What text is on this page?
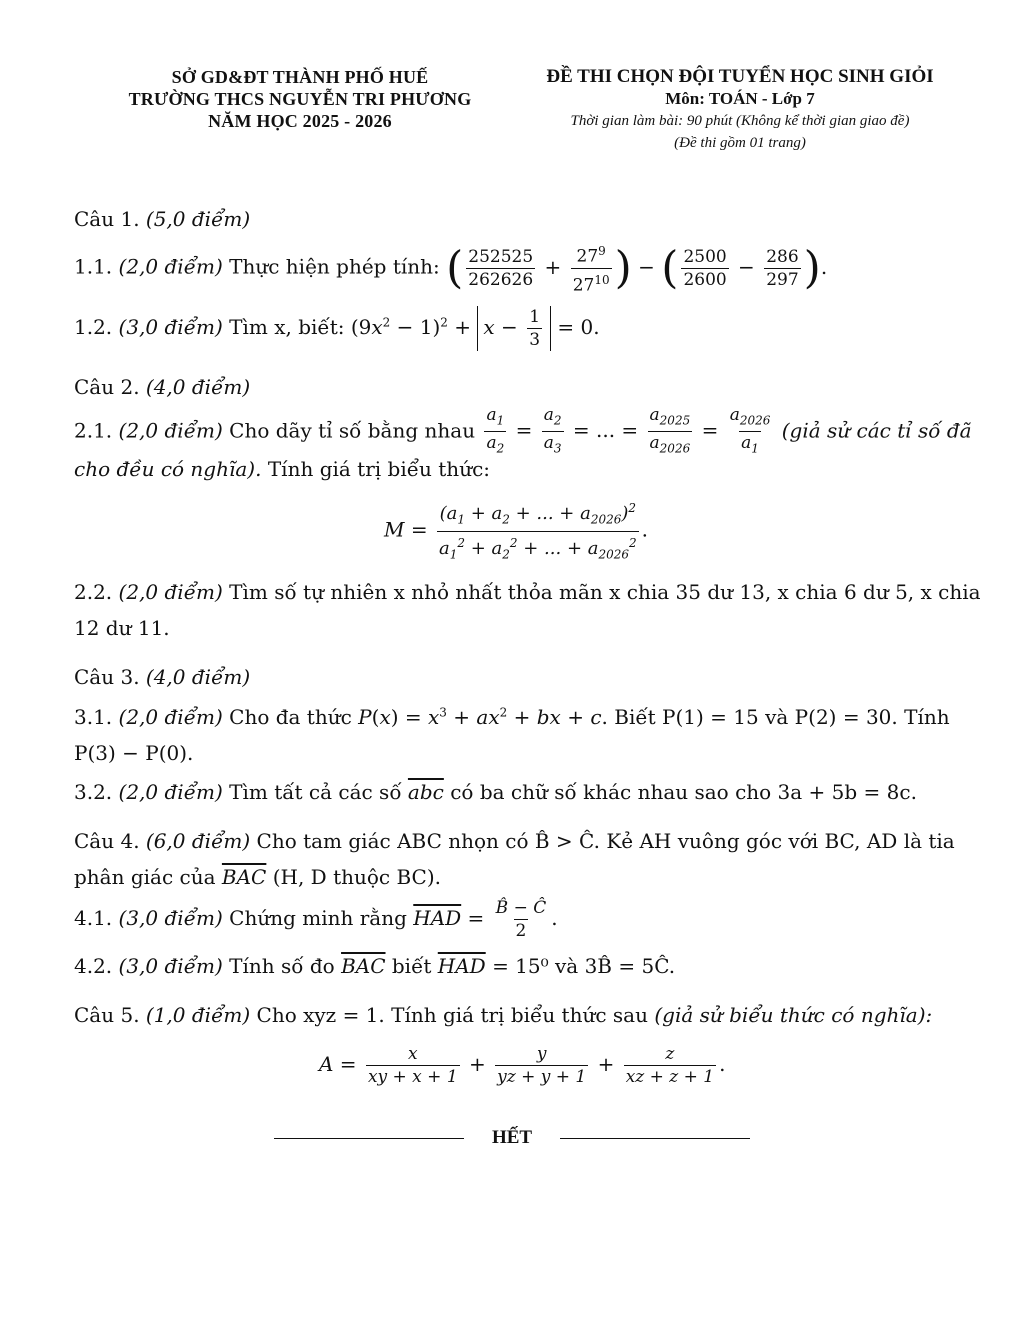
SỞ GD&ĐT THÀNH PHỐ HUẾ
TRƯỜNG THCS NGUYỄN TRI PHƯƠNG
NĂM HỌC 2025 - 2026
ĐỀ THI CHỌN ĐỘI TUYỂN HỌC SINH GIỎI
Môn: TOÁN - Lớp 7
Thời gian làm bài: 90 phút (Không kể thời gian giao đề)
(Đề thi gồm 01 trang)
Câu 1. (5,0 điểm)
1.1. (2,0 điểm) Thực hiện phép tính: ( $\frac{252525}{262626} + \frac{27^9}{27^{10}}$ ) − ( $\frac{2500}{2600} - \frac{286}{297}$ ).
1.2. (3,0 điểm) Tìm x, biết: $(9x^2 - 1)^2 + x - \frac{1}{3} = 0$.
Câu 2. (4,0 điểm)
2.1. (2,0 điểm) Cho dãy tỉ số bằng nhau $\frac{a_1}{a_2} = \frac{a_2}{a_3}$ = ... = $\frac{a_{2025}}{a_{2026}} = \frac{a_{2026}}{a_1}$ (giả sử các tỉ số đã
cho đều có nghĩa). Tính giá trị biểu thức:
$M = \frac{(a_1 + a_2 + ... + a_{2026})^2}{a_1^2 + a_2^2 + ... + a_{2026}^2}$ .
2.2. (2,0 điểm) Tìm số tự nhiên x nhỏ nhất thỏa mãn x chia 35 dư 13, x chia 6 dư 5, x chia
12 dư 11.
Câu 3. (4,0 điểm)
3.1. (2,0 điểm) Cho đa thức $P(x) = x^3 + ax^2$ + bx + c. Biết P(1) = 15 và P(2) = 30. Tính
P(3) − P(0).
3.2. (2,0 điểm) Tìm tất cả các số $\overline{abc}$ có ba chữ số khác nhau sao cho 3a + 5b = 8c.
Câu 4. (6,0 điểm) Cho tam giác ABC nhọn có B̂ > Ĉ. Kẻ AH vuông góc với BC, AD là tia
phân giác của $\overline{BAC}$ (H, D thuộc BC).
4.1. (3,0 điểm) Chứng minh rằng $\overline{HAD} = \frac{B̂ - Ĉ}{2}$ .
4.2. (3,0 điểm) Tính số đo $\overline{BAC}$ biết $\overline{HAD} = 15^0$ và 3B̂ = 5Ĉ.
Câu 5. (1,0 điểm) Cho xyz = 1. Tính giá trị biểu thức sau (giả sử biểu thức có nghĩa):
$A = \frac{x}{xy + x + 1} + \frac{y}{yz + y + 1} + \frac{z}{xz + z + 1}$ .
HẾT
